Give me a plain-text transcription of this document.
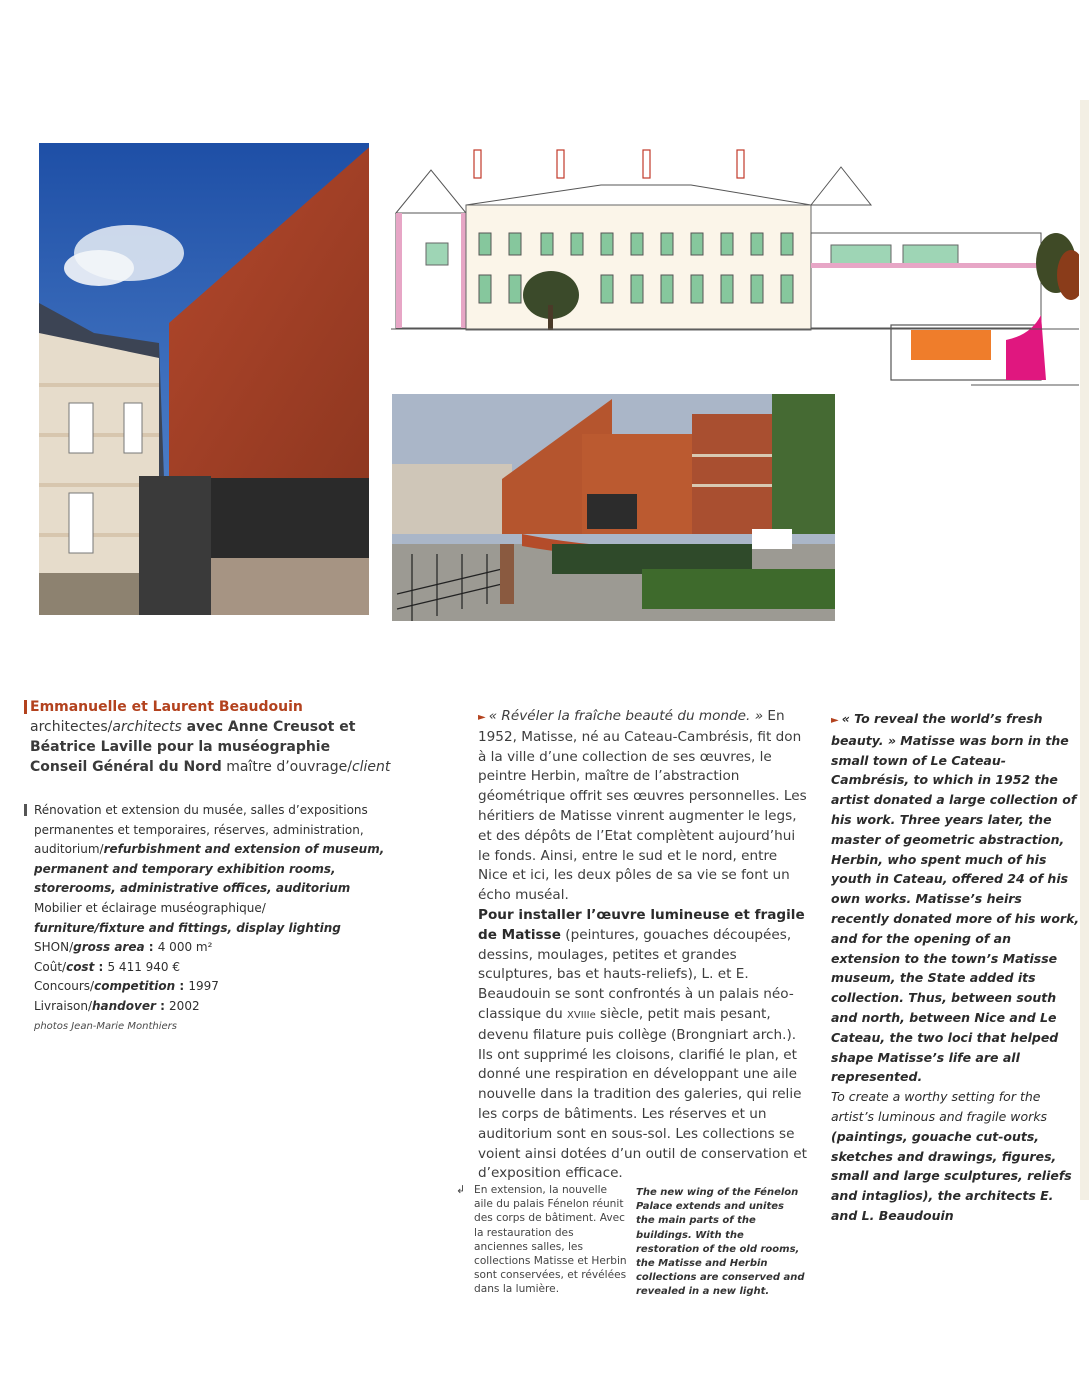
Emmanuelle et Laurent Beaudouin
architectes/architects avec Anne Creusot et
Béatrice Laville pour la muséographie
Conseil Général du Nord maître d’ouvrage/client
Rénovation et extension du musée, salles d’expositions
permanentes et temporaires, réserves, administration,
auditorium/refurbishment and extension of museum,
permanent and temporary exhibition rooms,
storerooms, administrative offices, auditorium
Mobilier et éclairage muséographique/
furniture/fixture and fittings, display lighting
SHON/gross area : 4 000 m²
Coût/cost : 5 411 940 €
Concours/competition : 1997
Livraison/handover : 2002
photos Jean-Marie Monthiers

► « Révéler la fraîche beauté du monde. » En 1952, Matisse, né au Cateau-Cambrésis, fit don à la ville d’une collection de ses œuvres, le peintre Herbin, maître de l’abstraction géométrique offrit ses œuvres personnelles. Les héritiers de Matisse vinrent augmenter le legs, et des dépôts de l’Etat complètent aujourd’hui le fonds. Ainsi, entre le sud et le nord, entre Nice et ici, les deux pôles de sa vie se font un écho muséal.

Pour installer l’œuvre lumineuse et fragile de Matisse (peintures, gouaches découpées, dessins, moulages, petites et grandes sculptures, bas et hauts-reliefs), L. et E. Beaudouin se sont confrontés à un palais néo-classique du XVIIIe siècle, petit mais pesant, devenu filature puis collège (Brongniart arch.). Ils ont supprimé les cloisons, clarifié le plan, et donné une respiration en développant une aile nouvelle dans la tradition des galeries, qui relie les corps de bâtiments. Les réserves et un auditorium sont en sous-sol. Les collections se voient ainsi dotées d’un outil de conservation et d’exposition efficace.

► « To reveal the world’s fresh beauty. » Matisse was born in the small town of Le Cateau-Cambrésis, to which in 1952 the artist donated a large collection of his work. Three years later, the master of geometric abstraction, Herbin, who spent much of his youth in Cateau, offered 24 of his own works. Matisse’s heirs recently donated more of his work, and for the opening of an extension to the town’s Matisse museum, the State added its collection. Thus, between south and north, between Nice and Le Cateau, the two loci that helped shape Matisse’s life are all represented.

To create a worthy setting for the artist’s luminous and fragile works (paintings, gouache cut-outs, sketches and drawings, figures, small and large sculptures, reliefs and intaglios), the architects E. and L. Beaudouin

↲ En extension, la nouvelle aile du palais Fénelon réunit des corps de bâtiment. Avec la restauration des anciennes salles, les collections Matisse et Herbin sont conservées, et révélées dans la lumière.
The new wing of the Fénelon Palace extends and unites the main parts of the buildings. With the restoration of the old rooms, the Matisse and Herbin collections are conserved and revealed in a new light.
